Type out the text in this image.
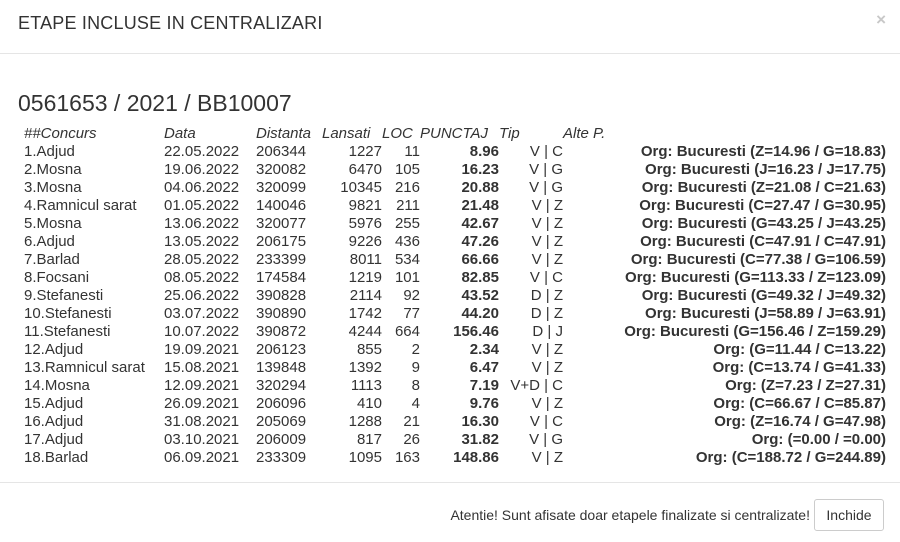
ETAPE INCLUSE IN CENTRALIZARI	×
0561653 / 2021 / BB10007
##Concurs	Data	Distanta	Lansati	LOC	PUNCTAJ	Tip	Alte P.
1.Adjud	22.05.2022	206344	1227	11	8.96	V | C	Org: Bucuresti (Z=14.96 / G=18.83)
2.Mosna	19.06.2022	320082	6470	105	16.23	V | G	Org: Bucuresti (J=16.23 / J=17.75)
3.Mosna	04.06.2022	320099	10345	216	20.88	V | G	Org: Bucuresti (Z=21.08 / C=21.63)
4.Ramnicul sarat	01.05.2022	140046	9821	211	21.48	V | Z	Org: Bucuresti (C=27.47 / G=30.95)
5.Mosna	13.06.2022	320077	5976	255	42.67	V | Z	Org: Bucuresti (G=43.25 / J=43.25)
6.Adjud	13.05.2022	206175	9226	436	47.26	V | Z	Org: Bucuresti (C=47.91 / C=47.91)
7.Barlad	28.05.2022	233399	8011	534	66.66	V | Z	Org: Bucuresti (C=77.38 / G=106.59)
8.Focsani	08.05.2022	174584	1219	101	82.85	V | C	Org: Bucuresti (G=113.33 / Z=123.09)
9.Stefanesti	25.06.2022	390828	2114	92	43.52	D | Z	Org: Bucuresti (G=49.32 / J=49.32)
10.Stefanesti	03.07.2022	390890	1742	77	44.20	D | Z	Org: Bucuresti (J=58.89 / J=63.91)
11.Stefanesti	10.07.2022	390872	4244	664	156.46	D | J	Org: Bucuresti (G=156.46 / Z=159.29)
12.Adjud	19.09.2021	206123	855	2	2.34	V | Z	Org: (G=11.44 / C=13.22)
13.Ramnicul sarat	15.08.2021	139848	1392	9	6.47	V | Z	Org: (C=13.74 / G=41.33)
14.Mosna	12.09.2021	320294	1113	8	7.19	V+D | C	Org: (Z=7.23 / Z=27.31)
15.Adjud	26.09.2021	206096	410	4	9.76	V | Z	Org: (C=66.67 / C=85.87)
16.Adjud	31.08.2021	205069	1288	21	16.30	V | C	Org: (Z=16.74 / G=47.98)
17.Adjud	03.10.2021	206009	817	26	31.82	V | G	Org: (=0.00 / =0.00)
18.Barlad	06.09.2021	233309	1095	163	148.86	V | Z	Org: (C=188.72 / G=244.89)
Atentie! Sunt afisate doar etapele finalizate si centralizate!	Inchide
